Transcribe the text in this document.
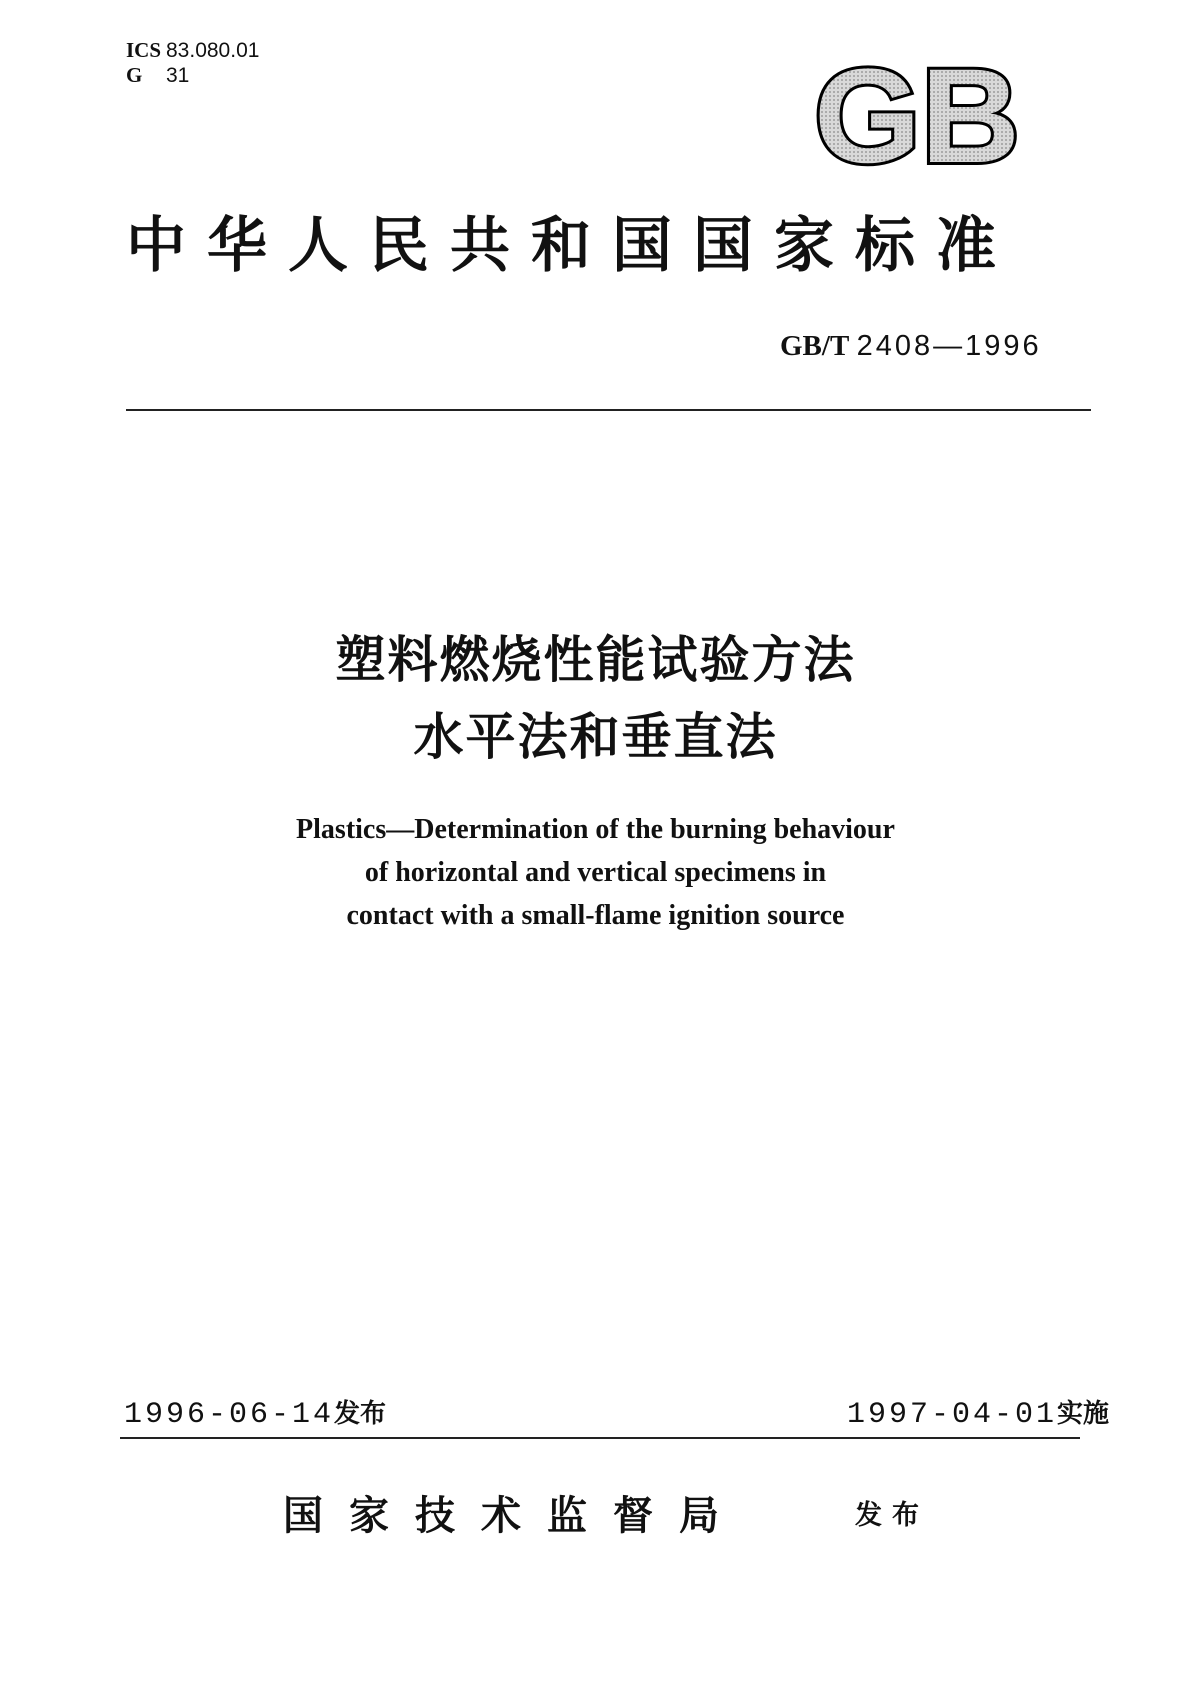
ICS 83.080.01
G 31	GB
中华人民共和国国家标准
GB/T 2408—1996
塑料燃烧性能试验方法
水平法和垂直法
Plastics—Determination of the burning behaviour
of horizontal and vertical specimens in
contact with a small-flame ignition source
1996-06-14发布	1997-04-01实施
国家技术监督局	发布
